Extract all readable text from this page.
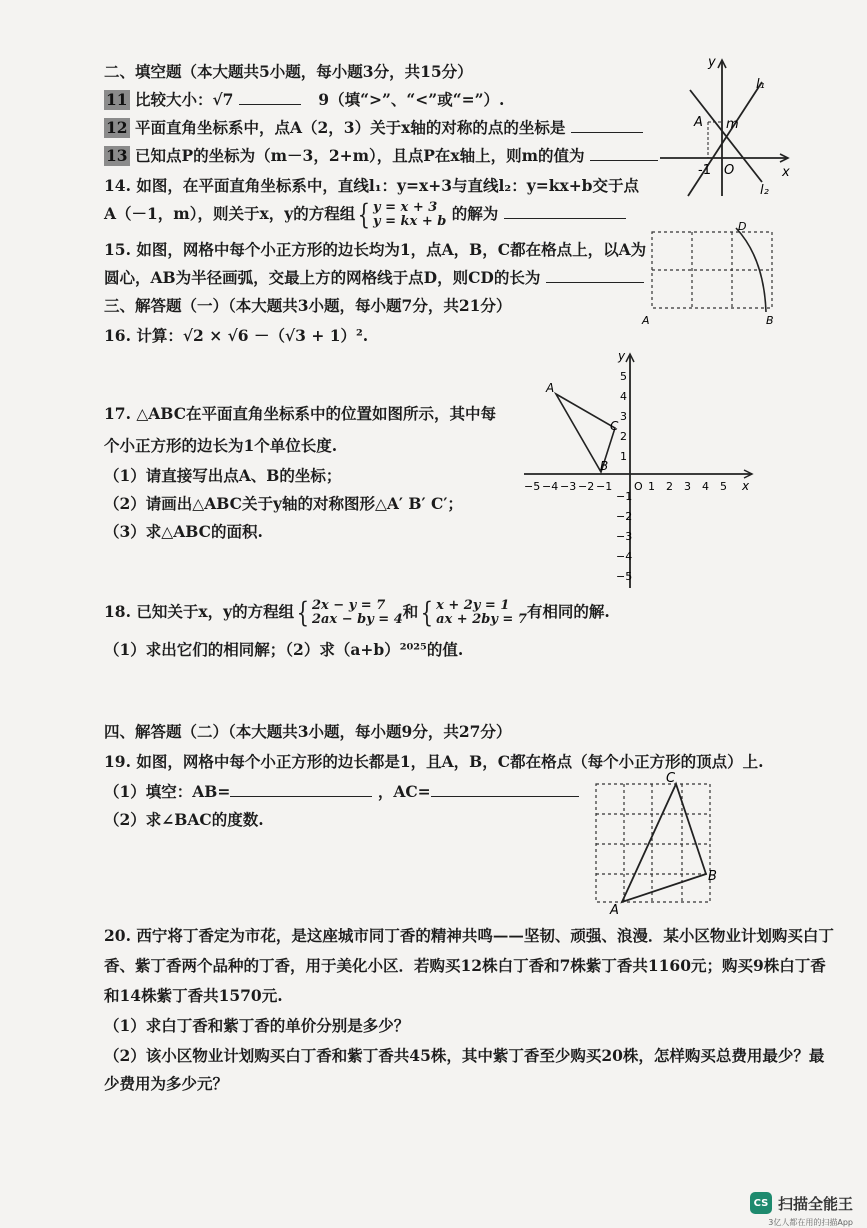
二、填空题（本大题共5小题，每小题3分，共15分）
11 比较大小：√7	9（填“>”、“<”或“=”）.
12 平面直角坐标系中，点A（2，3）关于x轴的对称的点的坐标是
13 已知点P的坐标为（m－3，2+m），且点P在x轴上，则m的值为
14. 如图，在平面直角坐标系中，直线l₁：y=x+3与直线l₂：y=kx+b交于点
A（－1，m），则关于x，y的方程组{ y = x + 3
y = kx + b 的解为
15. 如图，网格中每个小正方形的边长均为1，点A，B，C都在格点上，以A为
圆心，AB为半径画弧，交最上方的网格线于点D，则CD的长为
三、解答题（一）（本大题共3小题，每小题7分，共21分）
16. 计算：√2 × √6 －（√3 + 1）².
17. △ABC在平面直角坐标系中的位置如图所示，其中每
个小正方形的边长为1个单位长度.
（1）请直接写出点A、B的坐标；
（2）请画出△ABC关于y轴的对称图形△A′ B′ C′；
（3）求△ABC的面积.
18. 已知关于x，y的方程组{ 2x − y = 7
2ax − by = 4和{ x + 2y = 1
ax + 2by = 7有相同的解.
（1）求出它们的相同解；（2）求（a+b）²⁰²⁵的值.
四、解答题（二）（本大题共3小题，每小题9分，共27分）
19. 如图，网格中每个小正方形的边长都是1，且A，B，C都在格点（每个小正方形的顶点）上.
（1）填空：AB=	，AC=
（2）求∠BAC的度数.
20. 西宁将丁香定为市花，是这座城市同丁香的精神共鸣——坚韧、顽强、浪漫．某小区物业计划购买白丁
香、紫丁香两个品种的丁香，用于美化小区．若购买12株白丁香和7株紫丁香共1160元；购买9株白丁香
和14株紫丁香共1570元.
（1）求白丁香和紫丁香的单价分别是多少？
（2）该小区物业计划购买白丁香和紫丁香共45株，其中紫丁香至少购买20株，怎样购买总费用最少？最
少费用为多少元？
y
x
l₁
l₂
A m
-1 O
D
A	B
y
x
A
B
C
−5 −4 −3 −2 −1 O 1 2 3 4 5
5
4
3
2
1
−1
−2
−3
−4
−5
C
B
A
CS 扫描全能王
3亿人都在用的扫描App
